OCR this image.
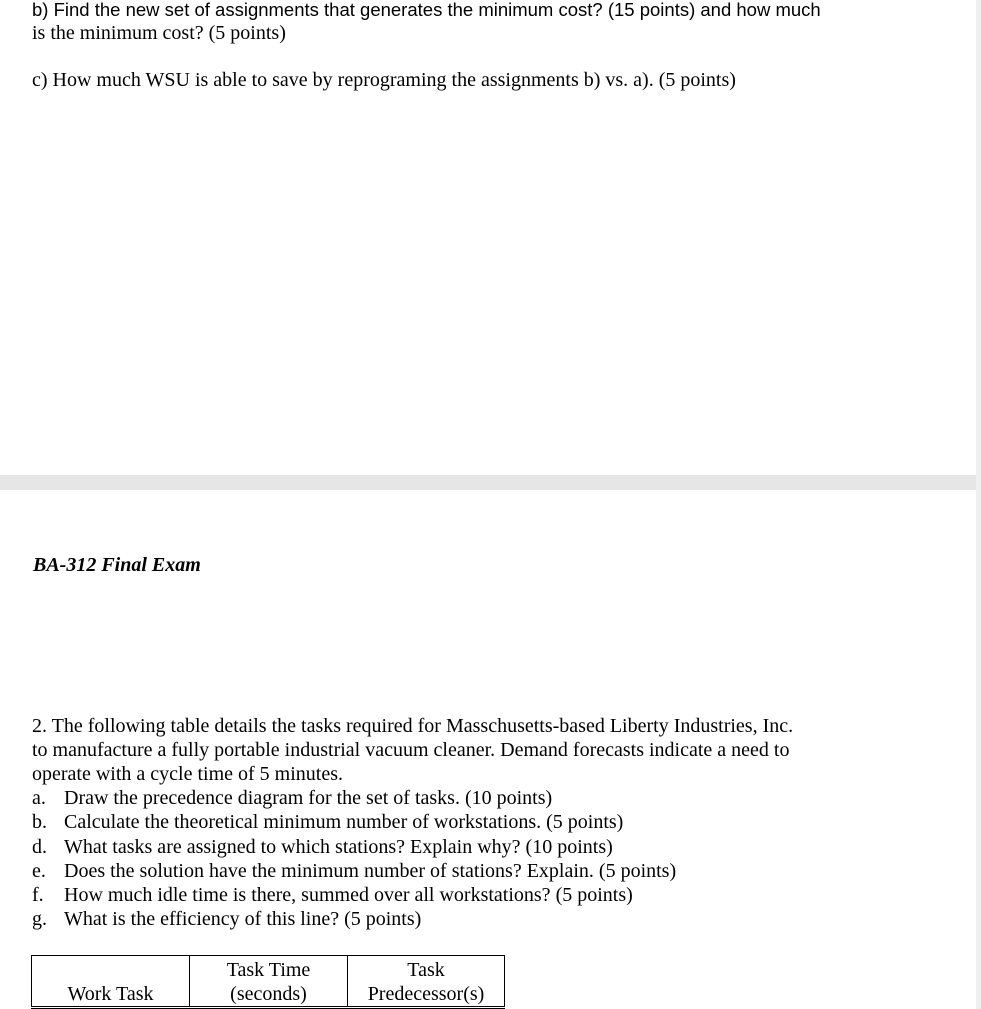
b) Find the new set of assignments that generates the minimum cost? (15 points) and how much
is the minimum cost? (5 points)
c) How much WSU is able to save by reprograming the assignments b) vs. a). (5 points)
BA-312 Final Exam
2. The following table details the tasks required for Masschusetts-based Liberty Industries, Inc.
to manufacture a fully portable industrial vacuum cleaner. Demand forecasts indicate a need to
operate with a cycle time of 5 minutes.
a. Draw the precedence diagram for the set of tasks. (10 points)
b. Calculate the theoretical minimum number of workstations. (5 points)
d. What tasks are assigned to which stations? Explain why? (10 points)
e. Does the solution have the minimum number of stations? Explain. (5 points)
f. How much idle time is there, summed over all workstations? (5 points)
g. What is the efficiency of this line? (5 points)
Work Task

Task Time
(seconds)

Task
Predecessor(s)
